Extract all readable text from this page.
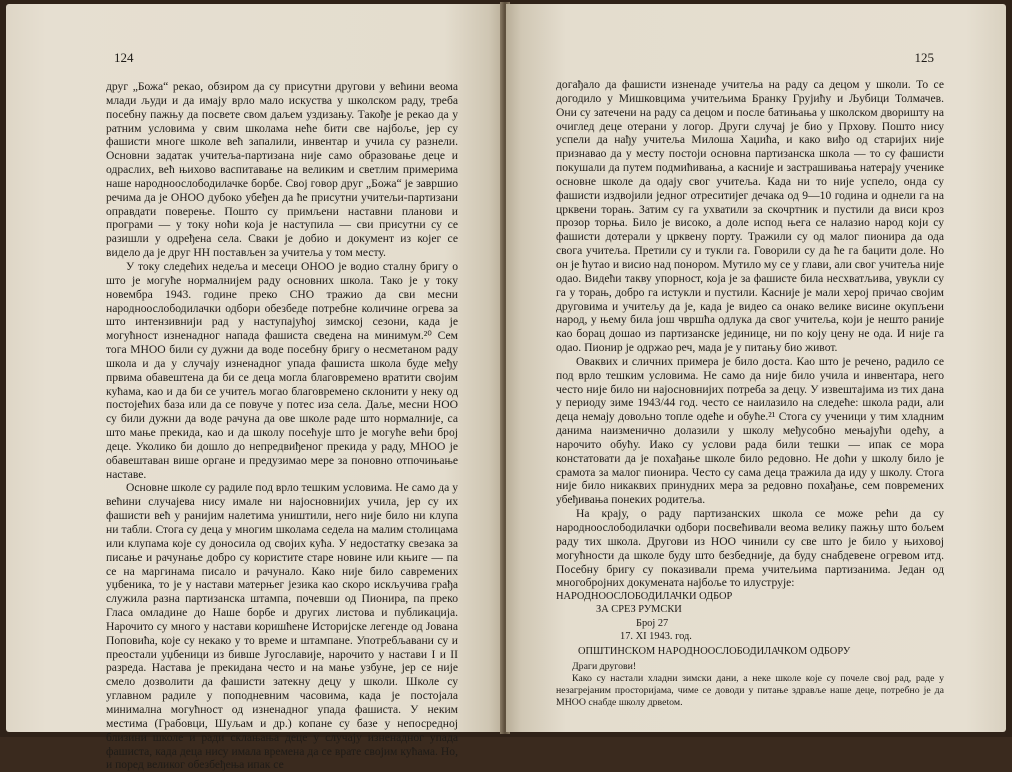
124

друг „Божа“ рекао, обзиром да су присутни другови у већини веома млади људи и да имају врло мало искуства у школском раду, треба посебну пажњу да посвете свом даљем уздизању. Такође је рекао да у ратним условима у свим школама неће бити све најбоље, јер су фашисти многе школе већ запалили, инвентар и учила су разнели. Основни задатак учитеља-партизана није само образовање деце и одраслих, већ њихово васпитавање на великим и светлим примерима наше народноослободилачке борбе. Свој говор друг „Божа“ је завршио речима да је ОНОО дубоко убеђен да ће присутни учитељи-партизани оправдати поверење. Пошто су примљени наставни планови и програми — у току ноћи која је наступила — сви присутни су се разишли у одређена села. Сваки је добио и документ из којег се видело да је друг НН постављен за учитеља у том месту.

У току следећих недеља и месеци ОНОО је водио сталну бригу о што је могуће нормалнијем раду основних школа. Тако је у току новембра 1943. године преко СНО тражио да сви месни народноослободилачки одбори обезбеде потребне количине огрева за што интензивнији рад у наступајућој зимској сезони, када је могућност изненадног напада фашиста сведена на минимум.²⁰ Сем тога МНОО били су дужни да воде посебну бригу о несметаном раду школа и да у случају изненадног упада фашиста школа буде међу првима обавештена да би се деца могла благовремено вратити својим кућама, као и да би се учитељ могао благовремено склонити у неку од постојећих база или да се повуче у потес иза села. Даље, месни НОО су били дужни да воде рачуна да ове школе раде што нормалније, са што мање прекида, као и да школу посећује што је могуће већи број деце. Уколико би дошло до непредвиђеног прекида у раду, МНОО је обавештаван више органе и предузимао мере за поновно отпочињање наставе.

Основне школе су радиле под врло тешким условима. Не само да у већини случајева нису имале ни најосновнијих учила, јер су их фашисти већ у ранијим налетима уништили, него није било ни клупа ни табли. Стога су деца у многим школама седела на малим столицама или клупама које су доносила од својих кућа. У недостатку свезака за писање и рачунање добро су користите старе новине или књиге — па се на маргинама писало и рачунало. Како није било савремених уџбеника, то је у настави матерњег језика као скоро искључива грађа служила разна партизанска штампа, почевши од Пионира, па преко Гласа омладине до Наше борбе и других листова и публикација. Нарочито су много у настави коришћене Историјске легенде од Јована Поповића, које су некако у то време и штампане. Употребљавани су и преостали уџбеници из бивше Југославије, нарочито у настави I и II разреда. Настава је прекидана често и на мање узбуне, јер се није смело дозволити да фашисти затекну децу у школи. Школе су углавном радиле у поподневним часовима, када је постојала минимална могућност од изненадног упада фашиста. У неким местима (Грабовци, Шуљам и др.) копане су базе у непосредној близини школе и ради склањања деце у случају изненадног упада фашиста, када деца нису имала времена да се врате својим кућама. Но, и поред великог обезбеђења ипак се

125

догађало да фашисти изненаде учитеља на раду са децом у школи. То се догодило у Мишковцима учитељима Бранку Грујићу и Љубици Толмачев. Они су затечени на раду са децом и после батињања у школском дворишту на очиглед деце отерани у логор. Други случај је био у Прхову. Пошто нису успели да нађу учитеља Милоша Хаџића, и како виђо од старијих није признавао да у месту постоји основна партизанска школа — то су фашисти покушали да путем подмићивања, а касније и застрашивања натерају ученике основне школе да одају свог учитеља. Када ни то није успело, онда су фашисти издвојили једног отреситијег дечака од 9—10 година и однели га на црквени торањ. Затим су га ухватили за скочртник и пустили да виси кроз прозор торња. Било је високо, а доле испод њега се налазио народ који су фашисти дотерали у црквену порту. Тражили су од малог пионира да ода свога учитеља. Претили су и тукли га. Говорили су да ће га бацити доле. Но он је ћутао и висио над понором. Мутило му се у глави, али свог учитеља није одао. Видећи такву упорност, која је за фашисте била несхватљива, увукли су га у торањ, добро га истукли и пустили. Касније је мали херој причао својим друговима и учитељу да је, када је видео са онако велике висине окупљени народ, у њему била још чвршћа одлука да свог учитеља, који је нешто раније као борац дошао из партизанске јединице, ни по коју цену не ода. И није га одао. Пионир је одржао реч, мада је у питању био живот.

Оваквих и сличних примера је било доста. Као што је речено, радило се под врло тешким условима. Не само да није било учила и инвентара, него често није било ни најосновнијих потреба за децу. У извештајима из тих дана у периоду зиме 1943/44 год. често се наилазило на следеће: школа ради, али деца немају довољно топле одеће и обуће.²¹ Стога су ученици у тим хладним данима наизменично долазили у школу међусобно мењајући одећу, а нарочито обућу. Иако су услови рада били тешки — ипак се мора констатовати да је похађање школе било редовно. Не доћи у школу било је срамота за малог пионира. Често су сама деца тражила да иду у школу. Стога није било никаквих принудних мера за редовно похађање, сем повремених убеђивања понеких родитеља.

На крају, о раду партизанских школа се може рећи да су народноослободилачки одбори посвећивали веома велику пажњу што бољем раду тих школа. Другови из НОО чинили су све што је било у њиховој могућности да школе буду што безбедније, да буду снабдевене огревом итд. Посебну бригу су показивали према учитељима партизанима. Један од многобројних докумената најбоље то илуструје:

НАРОДНООСЛОБОДИЛАЧКИ ОДБОР
ЗА СРЕЗ РУМСКИ
Број 27
17. XI 1943. год.
ОПШТИНСКОМ НАРОДНООСЛОБОДИЛАЧКОМ ОДБОРУ
Драги другови!

Како су настали хладни зимски дани, а неке школе које су почеле свој рад, раде у незагрејаним просторијама, чиме се доводи у питање здравље наше деце, потребно је да МНОО снабде школу дрвеtом.
